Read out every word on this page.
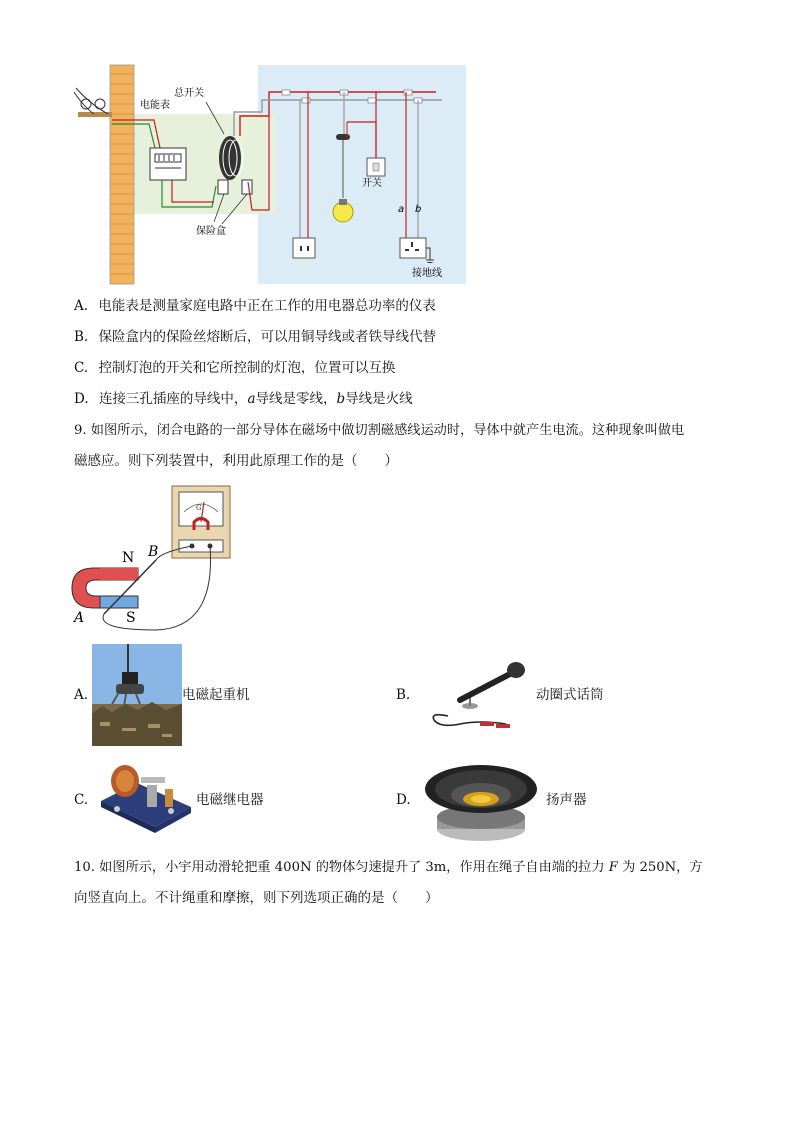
总开关
电能表
开关
保险盒
接地线
a b
A. 电能表是测量家庭电路中正在工作的用电器总功率的仪表
B. 保险盒内的保险丝熔断后，可以用铜导线或者铁导线代替
C. 控制灯泡的开关和它所控制的灯泡，位置可以互换
D. 连接三孔插座的导线中，a导线是零线，b导线是火线
9. 如图所示，闭合电路的一部分导体在磁场中做切割磁感线运动时，导体中就产生电流。这种现象叫做电
磁感应。则下列装置中，利用此原理工作的是（　　）
G
N
S
A
B
A.	电磁起重机	B.	动圈式话筒
C.	电磁继电器	D.	扬声器
10. 如图所示，小宇用动滑轮把重 400N 的物体匀速提升了 3m，作用在绳子自由端的拉力 F 为 250N，方
向竖直向上。不计绳重和摩擦，则下列选项正确的是（　　）
